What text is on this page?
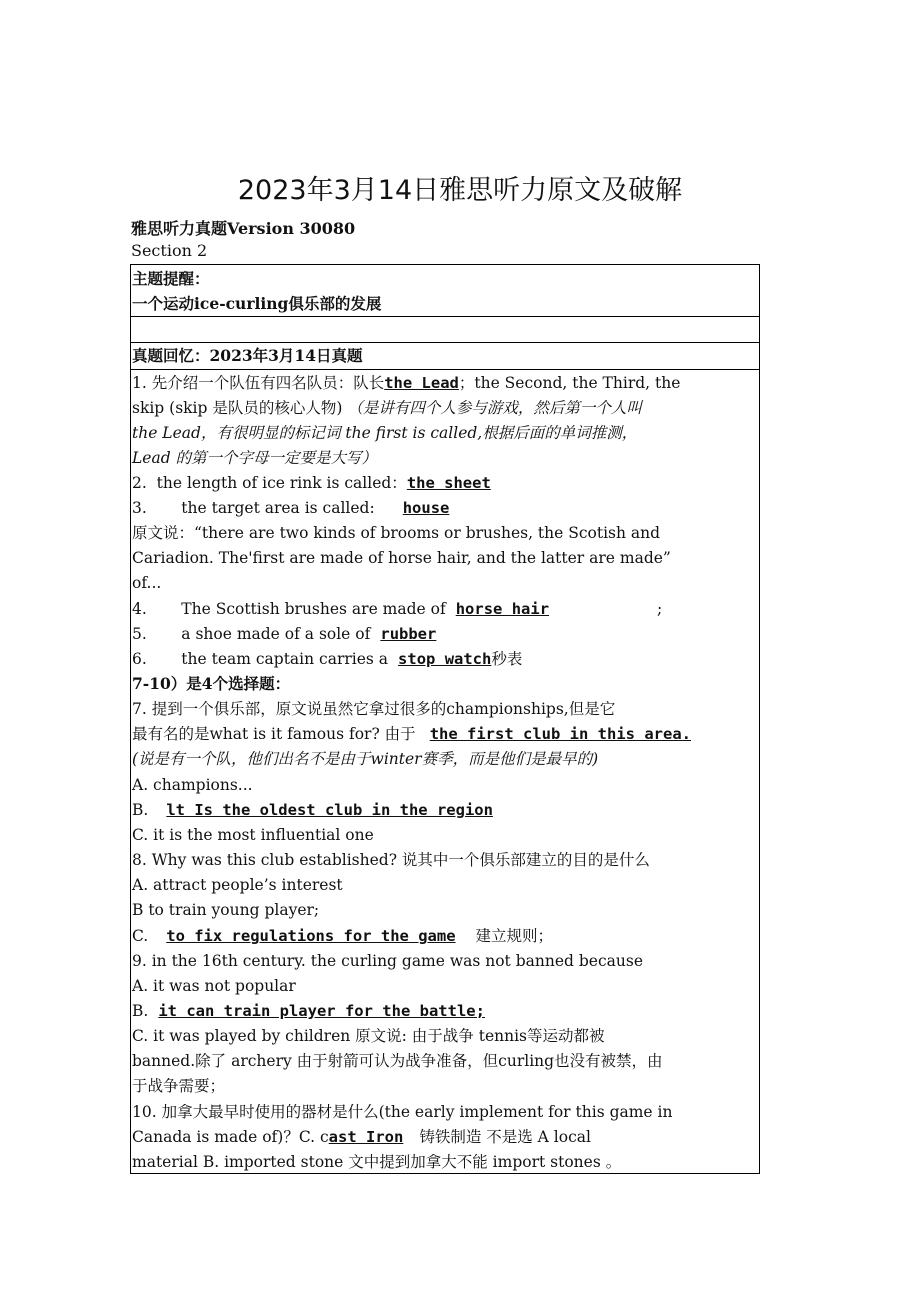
2023年3月14日雅思听力原文及破解
雅思听力真题Version 30080
Section 2
主题提醒：
一个运动ice-curling俱乐部的发展
真题回忆：2023年3月14日真题
1. 先介绍一个队伍有四名队员：队长the Lead；the Second, the Third, the
skip (skip 是队员的核心人物) （是讲有四个人参与游戏，然后第一个人叫
the Lead，有很明显的标记词 the first is called,根据后面的单词推测，
Lead 的第一个字母一定要是大写）
2.  the length of ice rink is called：the sheet
3.       the target area is called: house
原文说：“there are two kinds of brooms or brushes, the Scotish and
Cariadion. The'first are made of horse hair, and the latter are made”
of...
4.       The Scottish brushes are made of horse hair	;
5.       a shoe made of a sole of rubber
6.       the team captain carries a stop watch秒表
7-10）是4个选择题：
7. 提到一个俱乐部，原文说虽然它拿过很多的championships,但是它
最有名的是what is it famous for? 由于 the first club in this area.
(说是有一个队，他们出名不是由于winter赛季，而是他们是最早的)
A. champions...
B. lt Is the oldest club in the region
C. it is the most influential one
8. Why was this club established? 说其中一个俱乐部建立的目的是什么
A. attract people’s interest
B to train young player;
C. to fix regulations for the game 建立规则；
9. in the 16th century. the curling game was not banned because
A. it was not popular
B. it can train player for the battle;
C. it was played by children 原文说: 由于战争 tennis等运动都被
banned.除了 archery 由于射箭可认为战争准备，但curling也没有被禁，由
于战争需要；
10. 加拿大最早时使用的器材是什么(the early implement for this game in
Canada is made of)？C. cast Iron 铸铁制造 不是选 A local
material B. imported stone 文中提到加拿大不能 import stones 。
